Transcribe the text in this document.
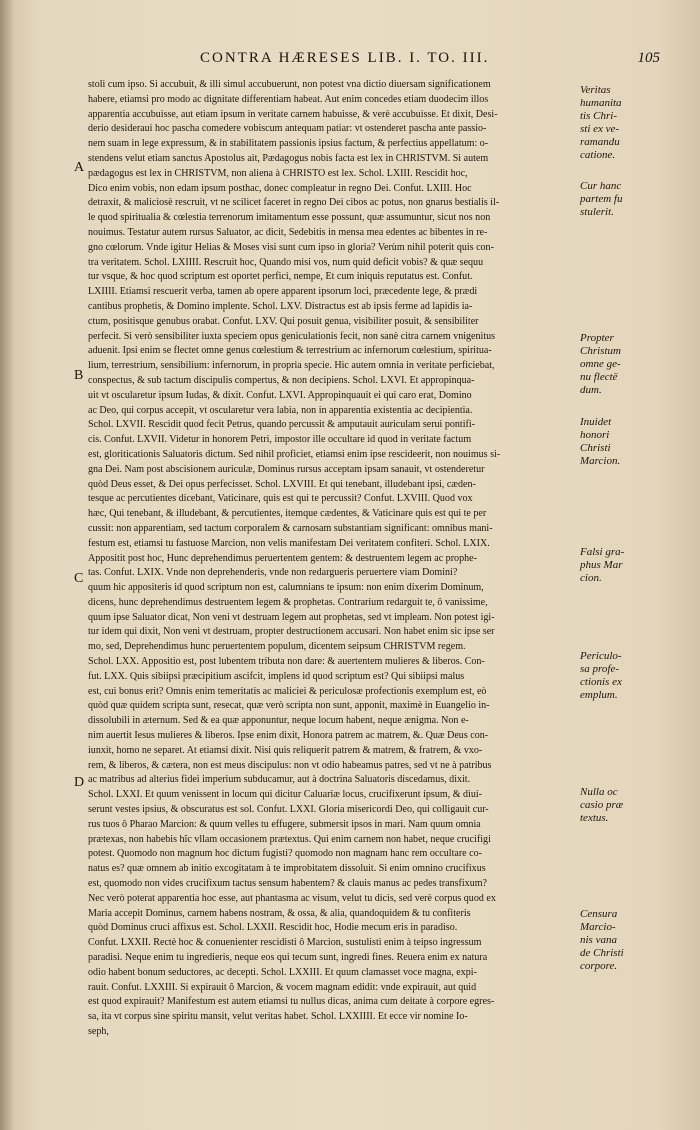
CONTRA HÆRESES LIB. I. TO. III.	105
A
B
C
D
Veritas
humanita
tis Chri-
sti ex ve-
ramandu
catione.
Cur hanc
partem fu
stulerit.
Propter
Christum
omne ge-
nu flectë
dum.
Inuidet
honori
Christi
Marcion.
Falsi gra-
phus Mar
cion.
Periculo-
sa profe-
ctionis ex
emplum.
Nulla oc
casio præ
textus.
Censura
Marcio-
nis vana
de Christi
corpore.
stoli cum ipso. Si accubuit, & illi simul accubuerunt, non potest vna dictio diuersam significationem
habere, etiamsi pro modo ac dignitate differentiam habeat. Aut enim concedes etiam duodecim illos
apparentia accubuisse, aut etiam ipsum in veritate carnem habuisse, & verè accubuisse. Et dixit, Desi-
derio desideraui hoc pascha comedere vobiscum antequam patiar: vt ostenderet pascha ante passio-
nem suam in lege expressum, & in stabilitatem passionis ipsius factum, & perfectius appellatum: o-
stendens velut etiam sanctus Apostolus ait, Pædagogus nobis facta est lex in CHRISTVM. Si autem
pædagogus est lex in CHRISTVM, non aliena à CHRISTO est lex. Schol. LXIII. Rescidit hoc,
Dico enim vobis, non edam ipsum posthac, donec compleatur in regno Dei. Confut. LXIII. Hoc
detraxit, & maliciosè rescruit, vt ne scilicet faceret in regno Dei cibos ac potus, non gnarus bestialis il-
le quod spiritualia & cœlestia terrenorum imitamentum esse possunt, quæ assumuntur, sicut nos non
nouimus. Testatur autem rursus Saluator, ac dicit, Sedebitis in mensa mea edentes ac bibentes in re-
gno cœlorum. Vnde igitur Helias & Moses visi sunt cum ipso in gloria? Verùm nihil poterit quis con-
tra veritatem. Schol. LXIIII. Rescruit hoc, Quando misi vos, num quid deficit vobis? & quæ sequu
tur vsque, & hoc quod scriptum est oportet perfici, nempe, Et cum iniquis reputatus est. Confut.
LXIIII. Etiamsi rescuerit verba, tamen ab opere apparent ipsorum loci, præcedente lege, & prædi
cantibus prophetis, & Domino implente. Schol. LXV. Distractus est ab ipsis ferme ad lapidis ia-
ctum, positisque genubus orabat. Confut. LXV. Qui posuit genua, visibiliter posuit, & sensibiliter
perfecit. Si verò sensibiliter iuxta speciem opus geniculationis fecit, non sanè citra carnem vnigenitus
aduenit. Ipsi enim se flectet omne genus cœlestium & terrestrium ac infernorum cœlestium, spiritua-
lium, terrestrium, sensibilium: infernorum, in propria specie. Hic autem omnia in veritate perficiebat,
conspectus, & sub tactum discipulis compertus, & non decipiens. Schol. LXVI. Et appropinqua-
uit vt oscularetur ipsum Iudas, & dixit. Confut. LXVI. Appropinquauit ei qui caro erat, Domino
ac Deo, qui corpus accepit, vt oscularetur vera labia, non in apparentia existentia ac decipientia.
Schol. LXVII. Rescidit quod fecit Petrus, quando percussit & amputauit auriculam serui pontifi-
cis. Confut. LXVII. Videtur in honorem Petri, impostor ille occultare id quod in veritate factum
est, gloriticationis Saluatoris dictum. Sed nihil proficiet, etiamsi enim ipse rescideerit, non nouimus si-
gna Dei. Nam post abscisionem auriculæ, Dominus rursus acceptam ipsam sanauit, vt ostenderetur
quòd Deus esset, & Dei opus perfecisset. Schol. LXVIII. Et qui tenebant, illudebant ipsi, cæden-
tesque ac percutientes dicebant, Vaticinare, quis est qui te percussit? Confut. LXVIII. Quod vox
hæc, Qui tenebant, & illudebant, & percutientes, itemque cædentes, & Vaticinare quis est qui te per
cussit: non apparentiam, sed tactum corporalem & carnosam substantiam significant: omnibus mani-
festum est, etiamsi tu fastuose Marcion, non velis manifestam Dei veritatem confiteri. Schol. LXIX.
Appositit post hoc, Hunc deprehendimus peruertentem gentem: & destruentem legem ac prophe-
tas. Confut. LXIX. Vnde non deprehenderis, vnde non redargueris peruertere viam Domini?
quum hic appositeris id quod scriptum non est, calumnians te ipsum: non enim dixerim Dominum,
dicens, hunc deprehendimus destruentem legem & prophetas. Contrarium redarguit te, ô vanissime,
quum ipse Saluator dicat, Non veni vt destruam legem aut prophetas, sed vt impleam. Non potest igi-
tur idem qui dixit, Non veni vt destruam, propter destructionem accusari. Non habet enim sic ipse ser
mo, sed, Deprehendimus hunc peruertentem populum, dicentem seipsum CHRISTVM regem.
Schol. LXX. Appositio est, post lubentem tributa non dare: & auertentem mulieres & liberos. Con-
fut. LXX. Quis sibiipsi præcipitium ascifcit, implens id quod scriptum est? Qui sibiipsi malus
est, cui bonus erit? Omnis enim temeritatis ac maliciei & periculosæ profectionis exemplum est, eò
quòd quæ quidem scripta sunt, resecat, quæ verò scripta non sunt, apponit, maximè in Euangelio in-
dissolubili in æternum. Sed & ea quæ apponuntur, neque locum habent, neque ænigma. Non e-
nim auertit Iesus mulieres & liberos. Ipse enim dixit, Honora patrem ac matrem, &. Quæ Deus con-
iunxit, homo ne separet. At etiamsi dixit. Nisi quis reliquerit patrem & matrem, & fratrem, & vxo-
rem, & liberos, & cætera, non est meus discipulus: non vt odio habeamus patres, sed vt ne à patribus
ac matribus ad alterius fidei imperium subducamur, aut à doctrina Saluatoris discedamus, dixit.
Schol. LXXI. Et quum venissent in locum qui dicitur Caluariæ locus, crucifixerunt ipsum, & diui-
serunt vestes ipsius, & obscuratus est sol. Confut. LXXI. Gloria misericordi Deo, qui colligauit cur-
rus tuos ô Pharao Marcion: & quum velles tu effugere, submersit ipsos in mari. Nam quum omnia
prætexas, non habebis hîc vllam occasionem prætextus. Qui enim carnem non habet, neque crucifigi
potest. Quomodo non magnum hoc dictum fugisti? quomodo non magnam hanc rem occultare co-
natus es? quæ omnem ab initio excogitatam à te improbitatem dissoluit. Si enim omnino crucifixus
est, quomodo non vides crucifixum tactus sensum habentem? & clauis manus ac pedes transfixum?
Nec verò poterat apparentia hoc esse, aut phantasma ac visum, velut tu dicis, sed verè corpus quod ex
Maria accepit Dominus, carnem habens nostram, & ossa, & alia, quandoquidem & tu confiteris
quòd Dominus cruci affixus est. Schol. LXXII. Rescidit hoc, Hodie mecum eris in paradiso.
Confut. LXXII. Rectè hoc & conuenienter rescidisti ô Marcion, sustulisti enim à teipso ingressum
paradisi. Neque enim tu ingredieris, neque eos qui tecum sunt, ingredi fines. Reuera enim ex natura
odio habent bonum seductores, ac decepti. Schol. LXXIII. Et quum clamasset voce magna, expi-
rauit. Confut. LXXIII. Si expirauit ô Marcion, & vocem magnam edidit: vnde expirauit, aut quid
est quod expirauit? Manifestum est autem etiamsi tu nullus dicas, anima cum deitate à corpore egres-
sa, ita vt corpus sine spiritu mansit, velut veritas habet. Schol. LXXIIII. Et ecce vir nomine Io-
seph,
